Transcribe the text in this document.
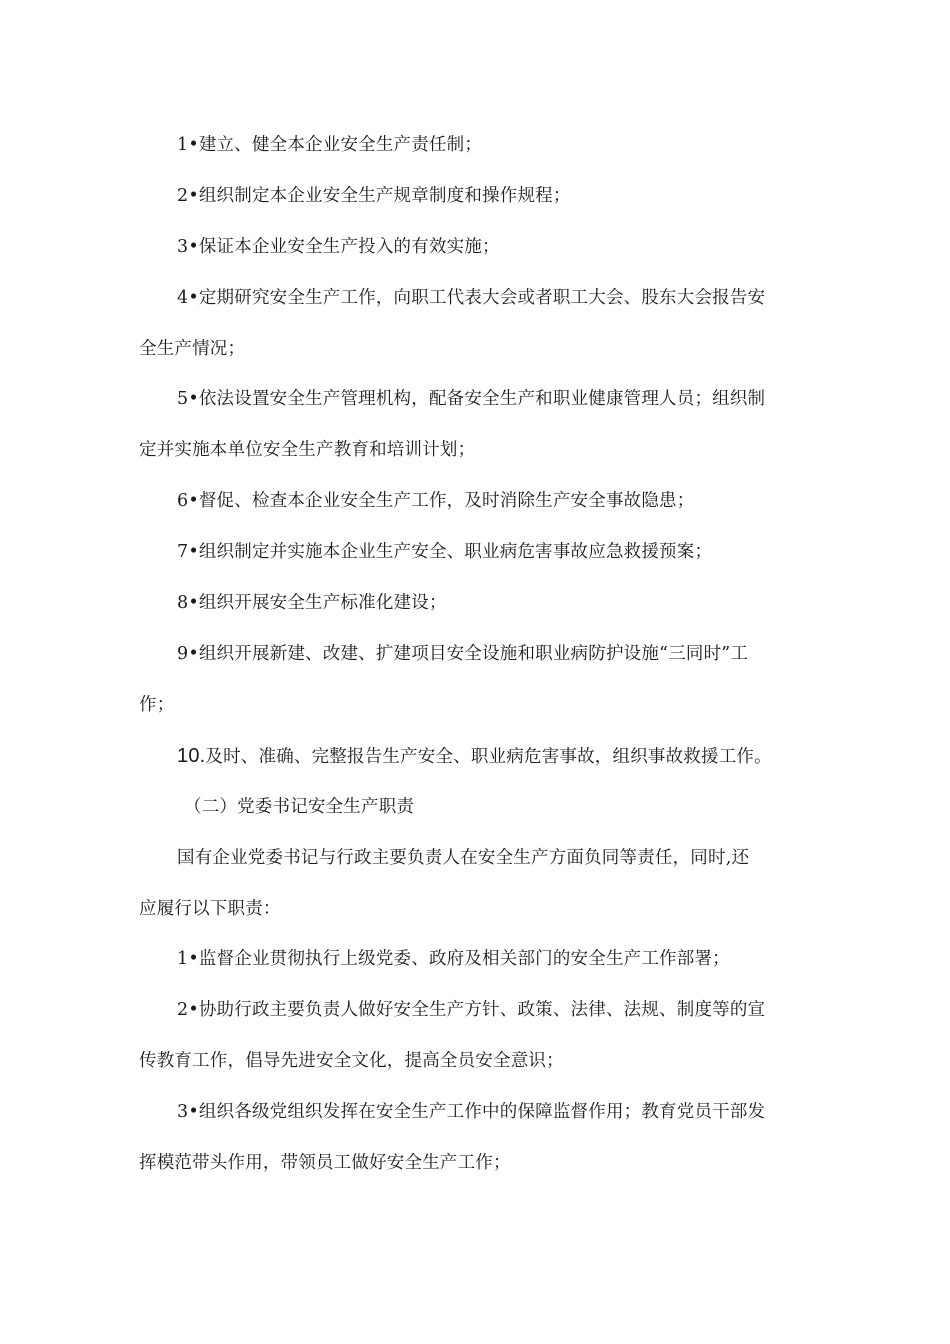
1•建立、健全本企业安全生产责任制；
2•组织制定本企业安全生产规章制度和操作规程；
3•保证本企业安全生产投入的有效实施；
4•定期研究安全生产工作，向职工代表大会或者职工大会、股东大会报告安
全生产情况；
5•依法设置安全生产管理机构，配备安全生产和职业健康管理人员；组织制
定并实施本单位安全生产教育和培训计划；
6•督促、检查本企业安全生产工作，及时消除生产安全事故隐患；
7•组织制定并实施本企业生产安全、职业病危害事故应急救援预案；
8•组织开展安全生产标准化建设；
9•组织开展新建、改建、扩建项目安全设施和职业病防护设施“三同时”工
作；
10.及时、准确、完整报告生产安全、职业病危害事故，组织事故救援工作。
（二）党委书记安全生产职责
国有企业党委书记与行政主要负责人在安全生产方面负同等责任，同时,还
应履行以下职责：
1•监督企业贯彻执行上级党委、政府及相关部门的安全生产工作部署；
2•协助行政主要负责人做好安全生产方针、政策、法律、法规、制度等的宣
传教育工作，倡导先进安全文化，提高全员安全意识；
3•组织各级党组织发挥在安全生产工作中的保障监督作用；教育党员干部发
挥模范带头作用，带领员工做好安全生产工作；
